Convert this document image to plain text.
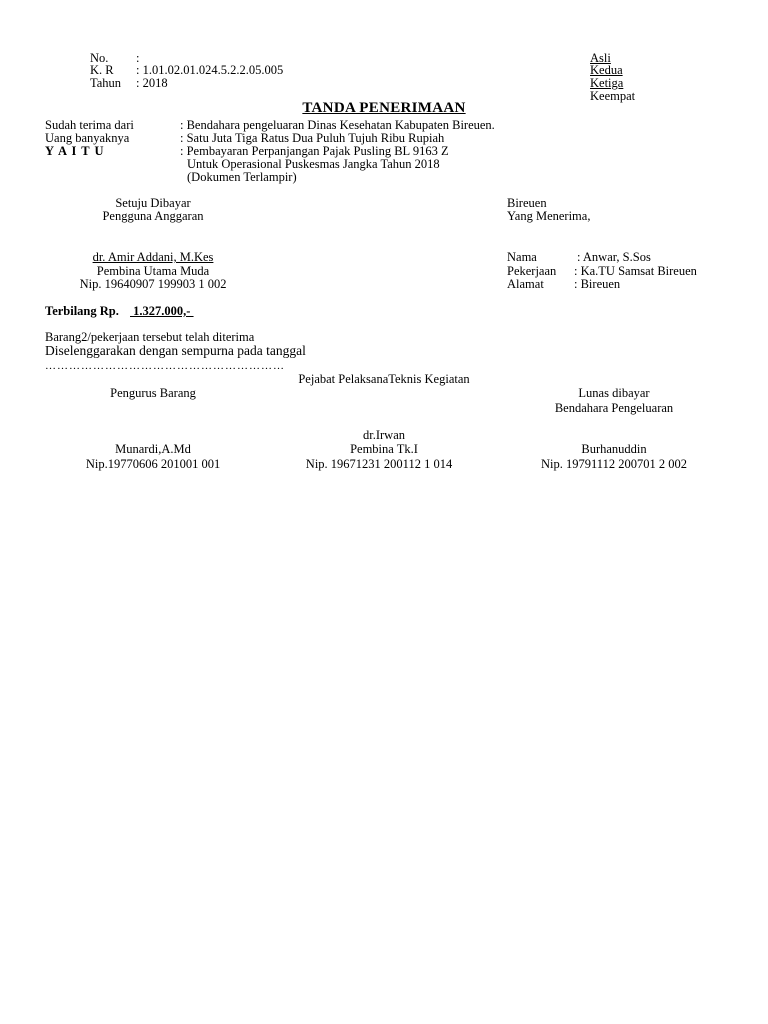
No. :
K. R : 1.01.02.01.024.5.2.2.05.005
Tahun : 2018
Asli
Kedua
Ketiga
Keempat
TANDA PENERIMAAN
Sudah terima dari	: Bendahara pengeluaran Dinas Kesehatan Kabupaten Bireuen.
Uang banyaknya	: Satu Juta Tiga Ratus Dua Puluh Tujuh Ribu Rupiah
Y A I T U	: Pembayaran Perpanjangan Pajak Pusling BL 9163 Z
Untuk Operasional Puskesmas Jangka Tahun 2018
(Dokumen Terlampir)
Setuju Dibayar
Pengguna Anggaran
dr. Amir Addani, M.Kes
Pembina Utama Muda
Nip. 19640907 199903 1 002
Bireuen
Yang Menerima,
Nama	: Anwar, S.Sos
Pekerjaan : Ka.TU Samsat Bireuen
Alamat : Bireuen
Terbilang Rp. 1.327.000,-
Barang2/pekerjaan tersebut telah diterima
Diselenggarakan dengan sempurna pada tanggal
……………………………………………………
Pejabat PelaksanaTeknis Kegiatan
Pengurus Barang	Lunas dibayar
Bendahara Pengeluaran
dr.Irwan
Munardi,A.Md	Pembina Tk.I	Burhanuddin
Nip.19770606 201001 001	Nip. 19671231 200112 1 014	Nip. 19791112 200701 2 002
